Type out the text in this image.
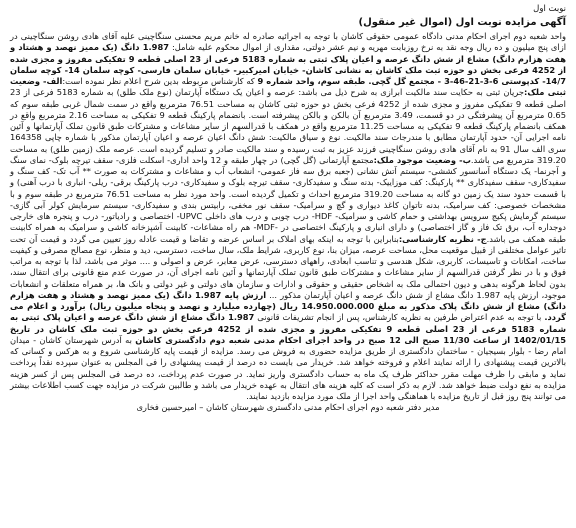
نوبت اول

آگهی مزایده نوبت اول (اموال غیر منقول)

واحد شعبه دوم اجرای احکام مدنی دادگاه عمومی حقوقی کاشان با توجه به اجرائیه صادره له خانم مریم محسنی سنگاچینی علیه آقای هادی روشن سنگاچینی در ازای پنج میلیون و ده ریال وجه نقد به نرخ روزبابت مهریه و نیم عشر دولتی، مقداری از اموال محکوم علیه شامل: 1.987 دانگ (یک ممیز نهصد و هشتاد و هفت هزارم دانگ) مشاع از شش دانگ عرصه و اعیان پلاک ثبتی به شماره 5183 فرعی از 23 اصلی قطعه 9 تفکیکی مفروز و مجزی شده از 4252 فرعی بخش دو حوزه ثبت ملک کاشان به نشانی کاشان- خیابان امیرکبیر- خیابان سلمان فارسی- کوچه سلمان 14- کوچه سلمان 14/7- کدپوستی 6-3-21-46-3 - مجتمع گل گچی. طبقه سوم، واحد شماره 9 که کارشناس مربوطه بدین شرح اعلام نظر نموده است:الف- وضعیت ثبتی ملک:جریان ثبتی به حکایت سند مالکیت ابرازی به شرح ذیل می باشد: عرصه و اعیان یک دستگاه آپارتمان (نوع ملک طلق) به شماره 5183 فرعی از 23 اصلی قطعه 9 تفکیکی مفروز و مجزی شده از 4252 فرعی بخش دو حوزه ثبتی کاشان به مساحت 76.51 مترمربع واقع در سمت شمال غربی طبقه سوم که 0.65 مترمربع آن پیشرفتگی در دو قسمت، 3.49 مترمربع آن بالکن و بالکن پیشرفته است. بانضمام پارکینگ قطعه 9 تفکیکی به مساحت 2.16 مترمربع واقع در همکف بانضمام پارکینگ قطعه 9 تفکیکی به مساحت 11.25 مترمربع واقع در همکف با قدرالسهم از سایر مشاعات و مشترکات طبق قانون تملک آپارتمانها و آئین نامه اجرایی آن- حدود آپارتمان مطابق با مندرجات سند مالکیت. نوع و سیاق مالکیت: شش دانگ اعیان عرصه و اعیان آپارتمان مذکور با شماره چاپی 164358 سری الف سال 91 به نام آقای هادی روشن سنگاچینی فرزند عزیز به ثبت رسیده و سند مالکیت صادر و تسلیم گردیده است. عرصه ملک (زمین طلق) به مساحت 319.20 مترمربع می باشد.ب- وضعیت موجود ملک:مجتمع آپارتمانی (گل گچی) در چهار طبقه و 12 واحد اداری- اسکلت فلزی- سقف تیرچه بلوک- نمای سنگ و آجرنما- یک دستگاه آسانسور کششی- سیستم آتش نشانی (جعبه برق سه فاز عمومی- انشعاب آب و مشاعات و مشترکات به صورت ** آب تک- کف سنگ و سفیدکاری- سقف سفیدکاری ** پارکینگ: کف موزاییک- بدنه سنگ و سفیدکاری- سقف تیرچه بلوک و سفیدکاری- درب پارکینگ برقی- ریلی- انباری با درب آهنی) و با قسمت حدود سند یک زمین دو گانه به مساحت 319.20 مترمربع احداث و تکمیل گردیده است. واحد مورد نظر به مساحت 76.51 مترمربع در طبقه سوم و با مشخصات خصوصی: کف سرامیک، بدنه تاتوان کاغذ دیواری و گچ و سرامیک- سقف نور مخفی، رابیتس بندی و سفیدکاری- سیستم سرمایش کولر آبی گازی- سیستم گرمایش پکیج سرویس بهداشتی و حمام کاشی و سرامیک- HDF- درب چوبی و درب های داخلی UPVC- اختصاصی و رادیاتور- درب و پنجره های خارجی دوجداره آب، برق تک فاز و گاز اختصاصی) و دارای انباری و پارکینگ اختصاصی در -MDF- هم راه مشاعات- کابینت آشپزخانه کاشی و سرامیک به همراه کابینت طبقه همکف می باشد.ج- نظریه کارشناسی:بنابراین با توجه به اینکه بهای املاک بر اساس عرضه و تقاضا و قیمت عادله روز تعیین می گردد و قیمت آن تحت تاثیر عوامل مختلفی از قبیل موقعیت محل، مساحت عرصه، میزان بنا، نوع کاربری، شرایط ملک، سال ساخت، دسترسی، دید و منظر، نوع مصالح مصرفی و کیفیت ساخت، امکانات و تاسیسات، کاربری، شکل هندسی و تناسب ابعادی، راههای دسترسی، عرض معابر، عرض و اصولی و .... موثر می باشد، لذا با توجه به مراتب فوق و با در نظر گرفتن قدرالسهم از سایر مشاعات و مشترکات طبق قانون تملک آپارتمانها و آئین نامه اجرای آن، در صورت عدم منع قانونی برای انتقال سند، بدون لحاظ هرگونه بدهی و دیون احتمالی ملک به اشخاص حقیقی و حقوقی و ادارات و سازمان های دولتی و غیر دولتی و بانک ها، بر همراه متعلقات و انشعابات موجود، ارزش پایه 1.987 دانگ مشاع از شش دانگ عرصه و اعیان آپارتمان مذکور ... ارزش پایه 1.987 دانگ (یک ممیز نهصد و هشتاد و هفت هزارم دانگ) مشاع از شش دانگ پلاک مذکور به مبلغ 14.950.000.000 ریال (چهارده میلیارد و نهصد و پنجاه میلیون ریال) برآورد و اعلام می گردد. با توجه به عدم اعتراض طرفین به نظریه کارشناس، پس از انجام تشریفات قانونی 1.987 دانگ مشاع از شش دانگ عرصه و اعیان پلاک ثبتی به شماره 5183 فرعی از 23 اصلی قطعه 9 تفکیکی مفروز و مجزی شده از 4252 فرعی بخش دو حوزه ثبت ملک کاشان در تاریخ 1402/01/15 از ساعت 11/30 صبح الی 12 صبح در واحد اجرای احکام مدنی شعبه دوم دادگستری کاشان به آدرس شهرستان کاشان - میدان امام رضا - بلوار بسیجیان - ساختمان دادگستری از طریق مزایده حضوری به فروش می رسد. مزایده از قیمت پایه کارشناسی شروع و به هرکس و کسانی که بالاترین قیمت پیشنهادی را ارائه نمایند اعلام و فروخته خواهد شد. خریدار می بایست ده درصد از قیمت پیشنهادی را فی المجلس به عنوان سپرده نقداً پرداخت نماید و مابقی را ظرف مهلت مقرر حداکثر ظرف یک ماه به حساب دادگستری واریز نماید. در صورت عدم پرداخت، ده درصد فی المجلس پس از کسر هزینه مزایده به نفع دولت ضبط خواهد شد. لازم به ذکر است که کلیه هزینه های انتقال به عهده خریدار می باشد و طالبین شرکت در مزایده جهت کسب اطلاعات بیشتر می توانند پنج روز قبل از تاریخ مزایده با هماهنگی واحد اجرا از ملک مورد مزایده بازدید نمایند.

مدیر دفتر شعبه دوم اجرای احکام مدنی دادگستری شهرستان کاشان – امیرحسین فخاری
